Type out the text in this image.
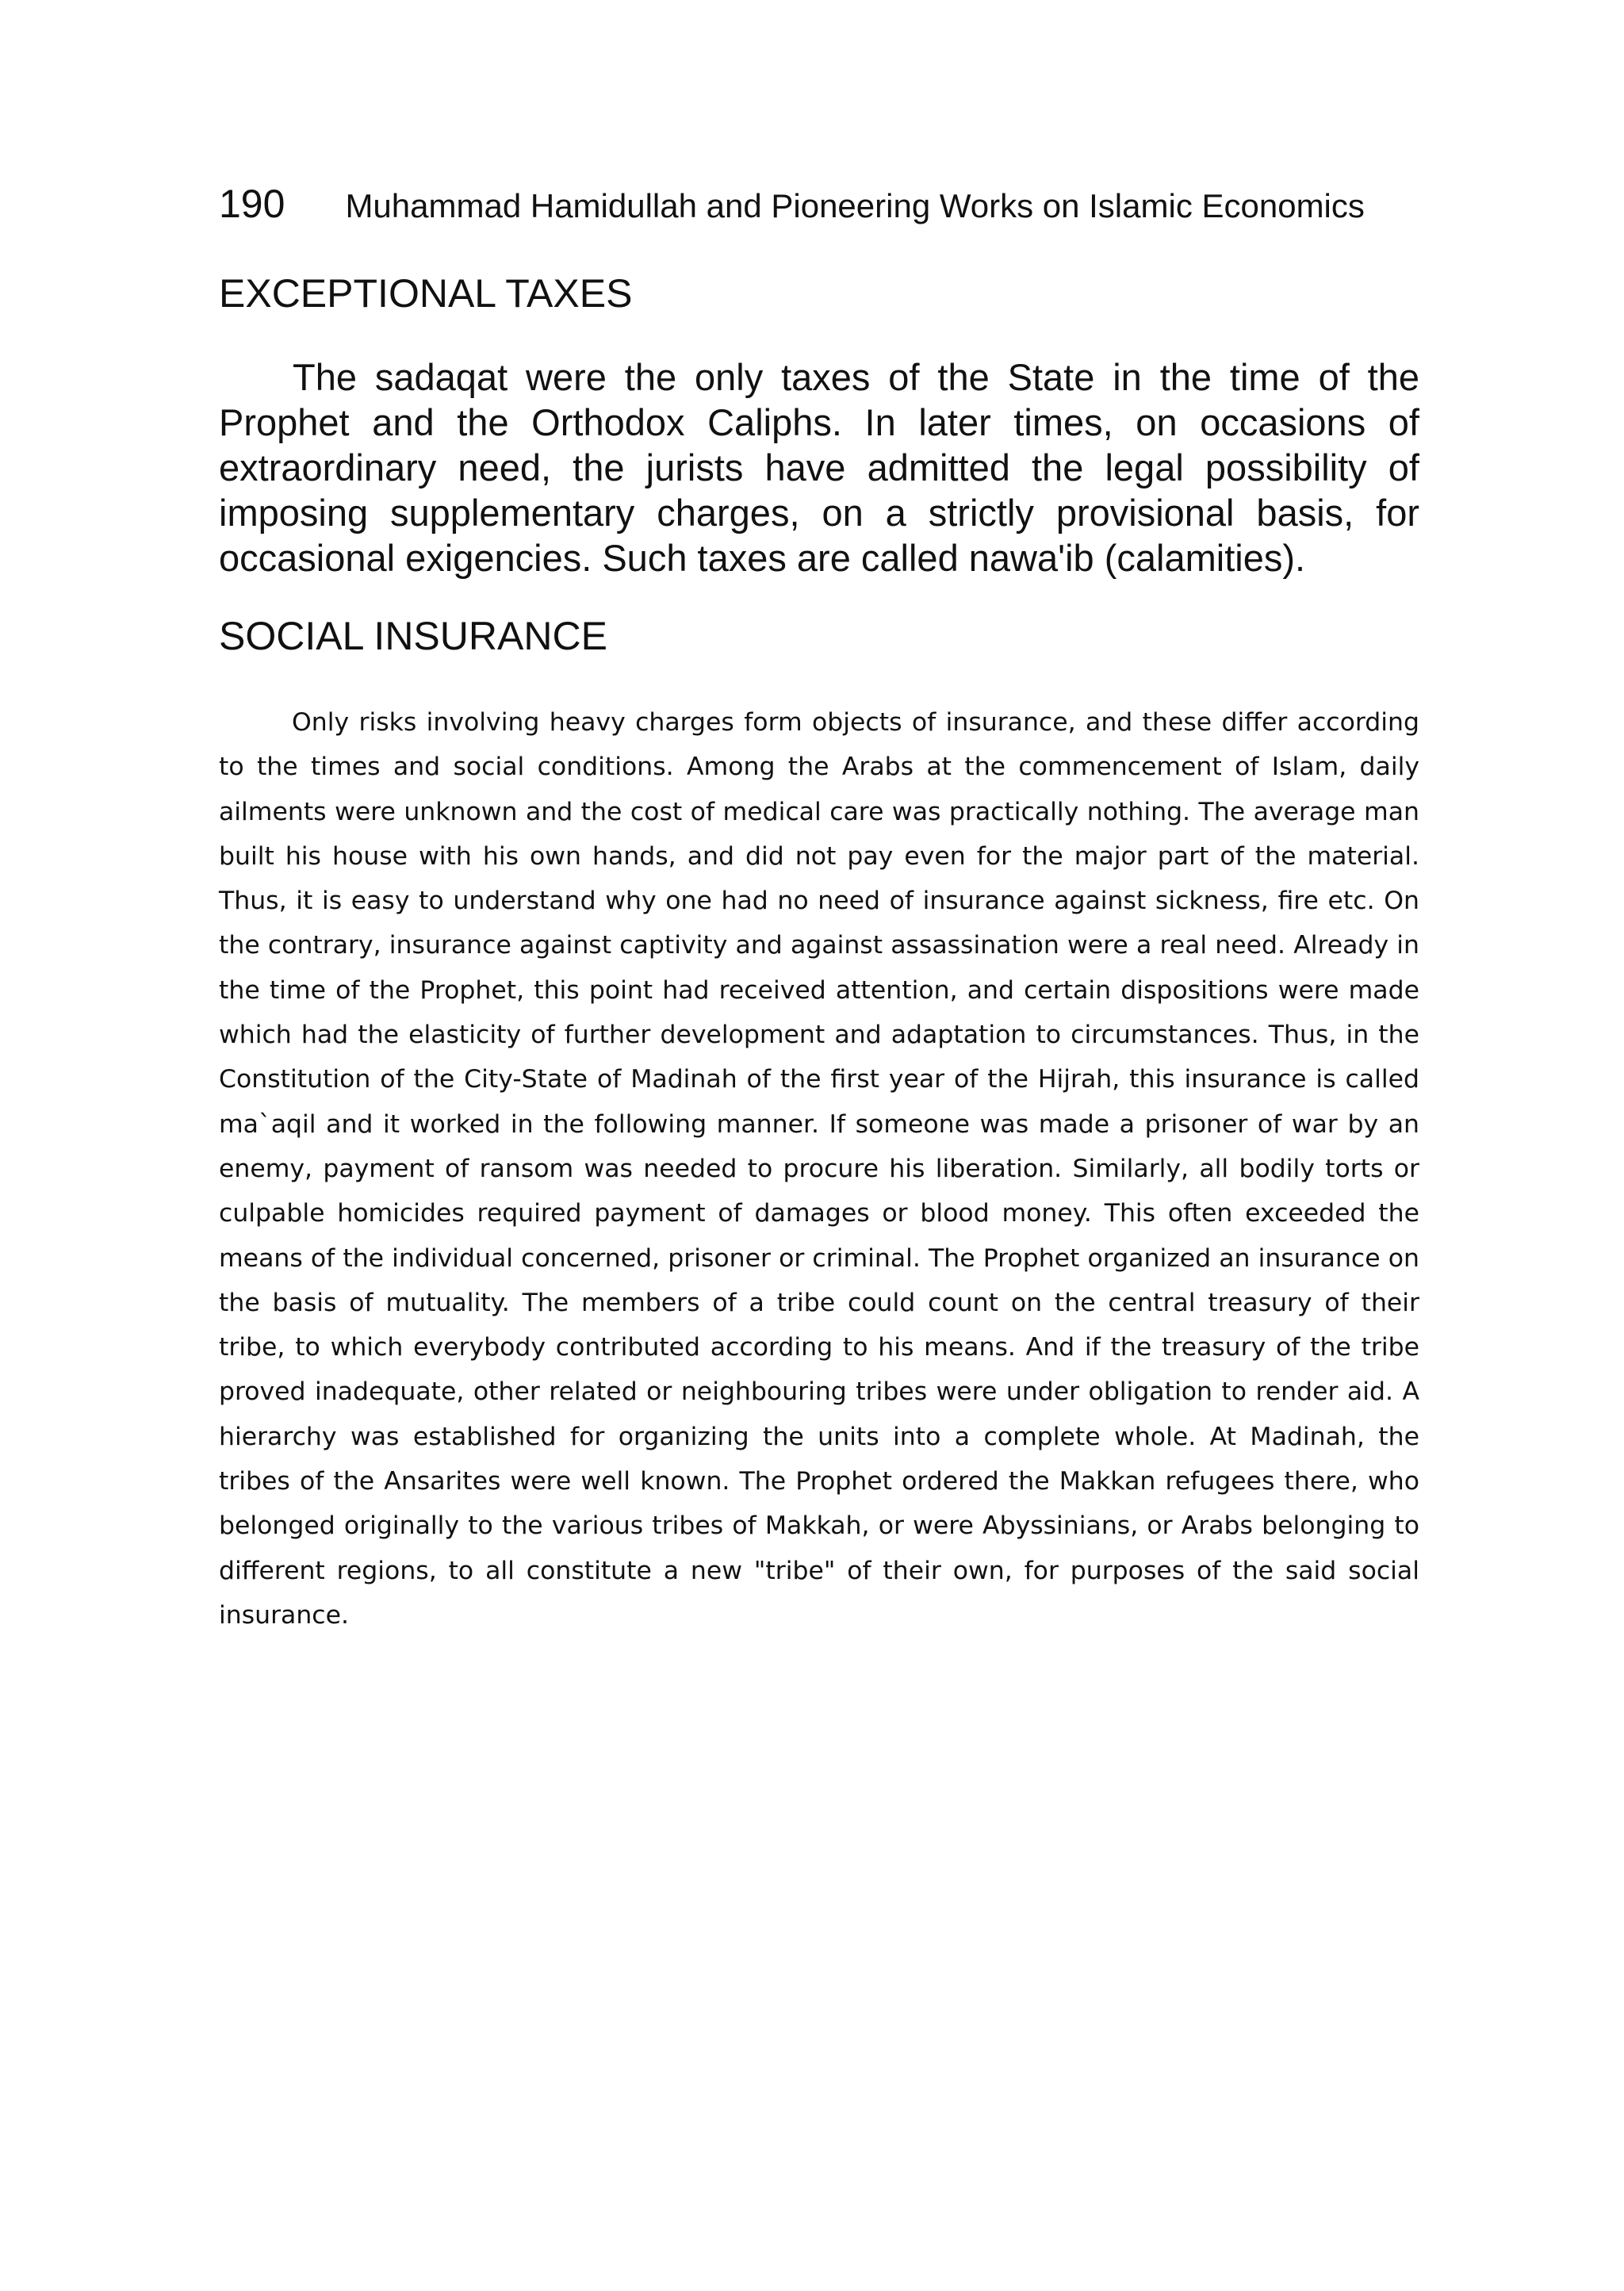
190 Muhammad Hamidullah and Pioneering Works on Islamic Economics
EXCEPTIONAL TAXES

The sadaqat were the only taxes of the State in the time of the Prophet and the Orthodox Caliphs. In later times, on occasions of extraordinary need, the jurists have admitted the legal possibility of imposing supplementary charges, on a strictly provisional basis, for occasional exigencies. Such taxes are called nawa'ib (calamities).

SOCIAL INSURANCE

Only risks involving heavy charges form objects of insurance, and these differ according to the times and social conditions. Among the Arabs at the commencement of Islam, daily ailments were unknown and the cost of medical care was practically nothing. The average man built his house with his own hands, and did not pay even for the major part of the material. Thus, it is easy to understand why one had no need of insurance against sickness, fire etc. On the contrary, insurance against captivity and against assassination were a real need. Already in the time of the Prophet, this point had received attention, and certain dispositions were made which had the elasticity of further development and adaptation to circumstances. Thus, in the Constitution of the City-State of Madinah of the first year of the Hijrah, this insurance is called ma`aqil and it worked in the following manner. If someone was made a prisoner of war by an enemy, payment of ransom was needed to procure his liberation. Similarly, all bodily torts or culpable homicides required payment of damages or blood money. This often exceeded the means of the individual concerned, prisoner or criminal. The Prophet organized an insurance on the basis of mutuality. The members of a tribe could count on the central treasury of their tribe, to which everybody contributed according to his means. And if the treasury of the tribe proved inadequate, other related or neighbouring tribes were under obligation to render aid. A hierarchy was established for organizing the units into a complete whole. At Madinah, the tribes of the Ansarites were well known. The Prophet ordered the Makkan refugees there, who belonged originally to the various tribes of Makkah, or were Abyssinians, or Arabs belonging to different regions, to all constitute a new "tribe" of their own, for purposes of the said social insurance.
